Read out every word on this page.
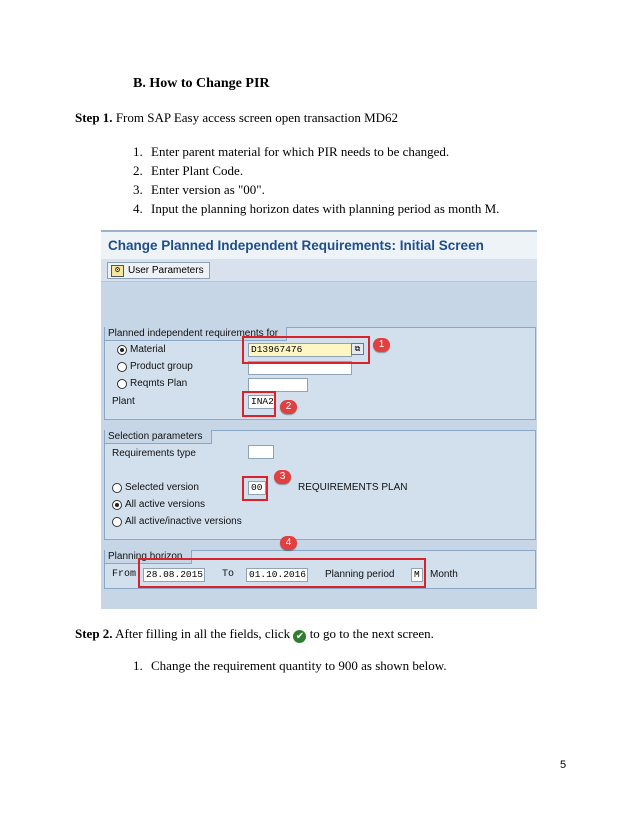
B. How to Change PIR
Step 1. From SAP Easy access screen open transaction MD62
1. Enter parent material for which PIR needs to be changed.
2. Enter Plant Code.
3. Enter version as "00".
4. Input the planning horizon dates with planning period as month M.
Change Planned Independent Requirements: Initial Screen
⚙ User Parameters
Planned independent requirements for
Material	D13967476	⧉
Product group
Reqmts Plan
Plant	INA2
1
2
Selection parameters
Requirements type
Selected version	00	REQUIREMENTS PLAN
All active versions
All active/inactive versions
3
Planning horizon
From	28.08.2015 To	01.10.2016 Planning period	M	Month
4
Step 2. After filling in all the fields, click ✔ to go to the next screen.
1. Change the requirement quantity to 900 as shown below.
5
